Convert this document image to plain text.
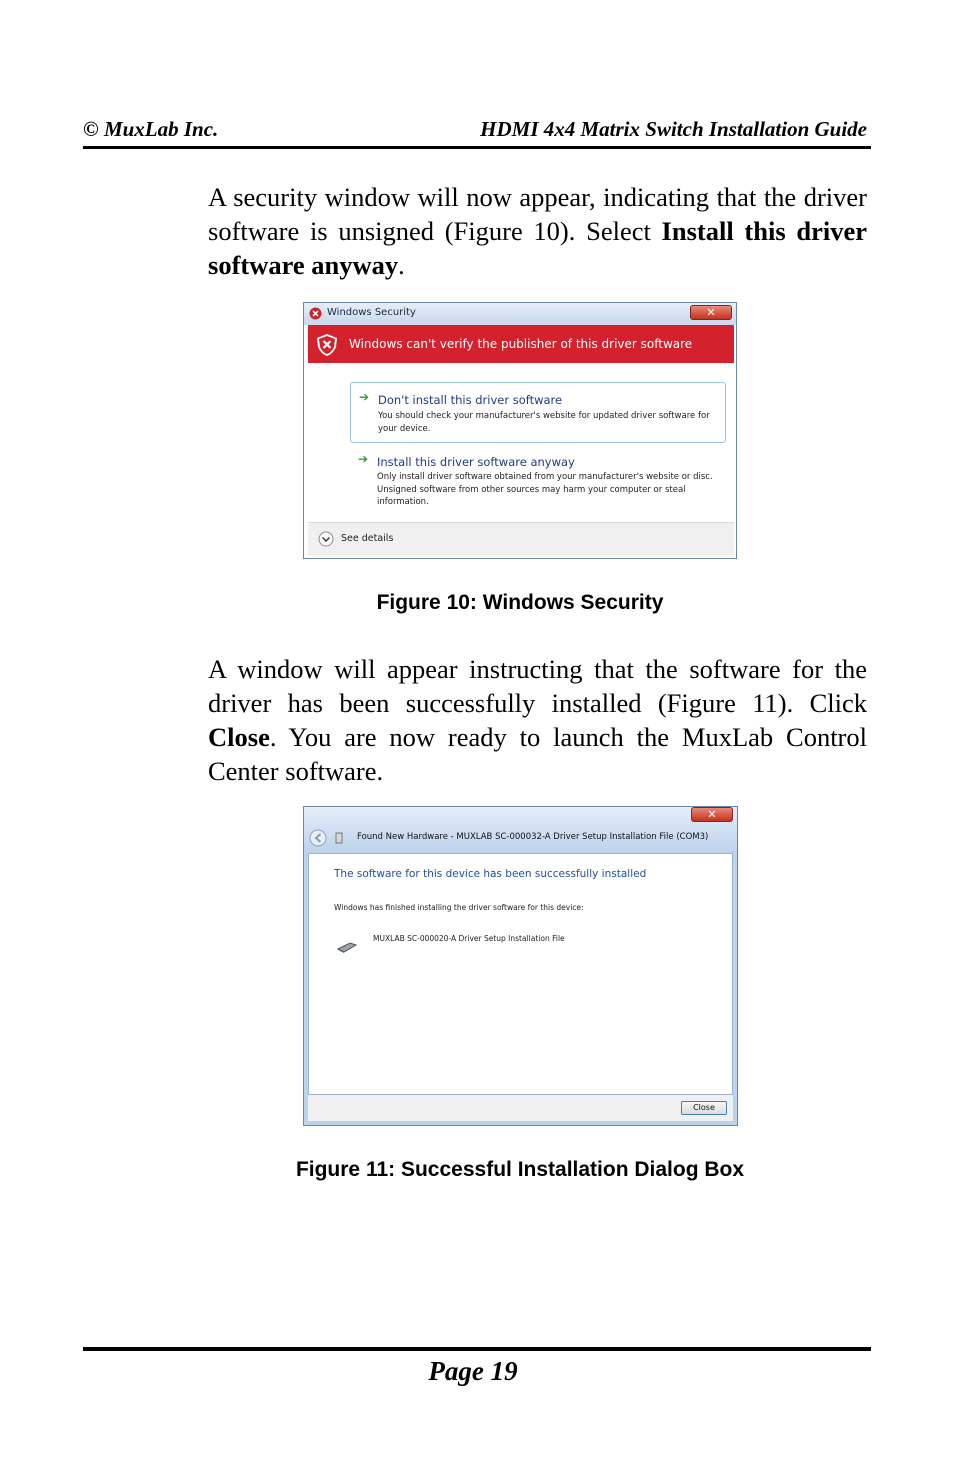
© MuxLab Inc.	HDMI 4x4 Matrix Switch Installation Guide
A security window will now appear, indicating that the driver software is unsigned (Figure 10). Select Install this driver software anyway.
Windows Security	✕
Windows can't verify the publisher of this driver software
➔ Don't install this driver software
You should check your manufacturer's website for updated driver software for your device.
➔ Install this driver software anyway
Only install driver software obtained from your manufacturer's website or disc. Unsigned software from other sources may harm your computer or steal information.
See details
Figure 10: Windows Security
A window will appear instructing that the software for the driver has been successfully installed (Figure 11). Click Close. You are now ready to launch the MuxLab Control Center software.
✕
Found New Hardware - MUXLAB SC-000032-A Driver Setup Installation File (COM3)
The software for this device has been successfully installed
Windows has finished installing the driver software for this device:
MUXLAB SC-000020-A Driver Setup Installation File
Close
Figure 11: Successful Installation Dialog Box
Page 19
